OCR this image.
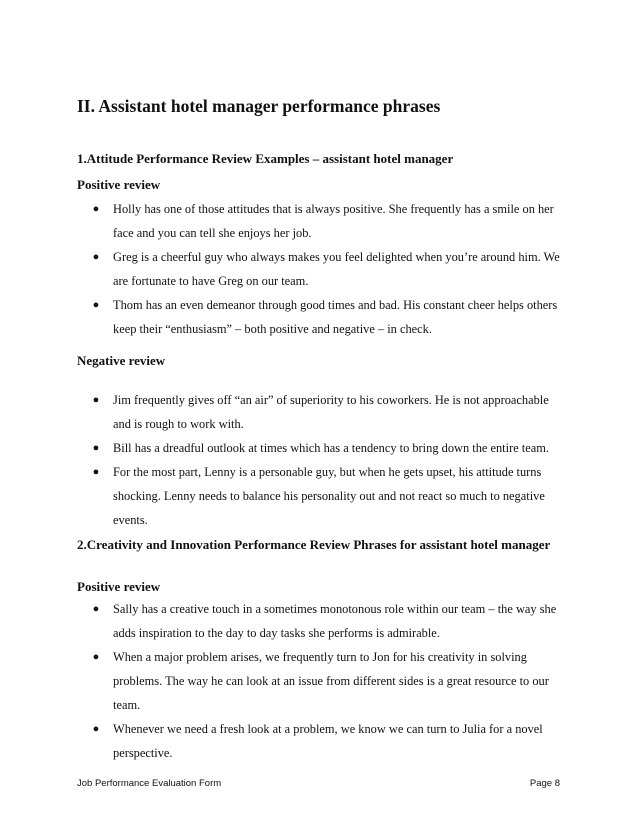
II. Assistant hotel manager performance phrases
1.Attitude Performance Review Examples – assistant hotel manager
Positive review
● Holly has one of those attitudes that is always positive. She frequently has a smile on her face and you can tell she enjoys her job.
● Greg is a cheerful guy who always makes you feel delighted when you’re around him. We are fortunate to have Greg on our team.
● Thom has an even demeanor through good times and bad. His constant cheer helps others keep their “enthusiasm” – both positive and negative – in check.
Negative review
● Jim frequently gives off “an air” of superiority to his coworkers. He is not approachable and is rough to work with.
● Bill has a dreadful outlook at times which has a tendency to bring down the entire team.
● For the most part, Lenny is a personable guy, but when he gets upset, his attitude turns shocking. Lenny needs to balance his personality out and not react so much to negative events.
2.Creativity and Innovation Performance Review Phrases for assistant hotel manager
Positive review
● Sally has a creative touch in a sometimes monotonous role within our team – the way she adds inspiration to the day to day tasks she performs is admirable.
● When a major problem arises, we frequently turn to Jon for his creativity in solving problems. The way he can look at an issue from different sides is a great resource to our team.
● Whenever we need a fresh look at a problem, we know we can turn to Julia for a novel perspective.
Job Performance Evaluation Form	Page 8
